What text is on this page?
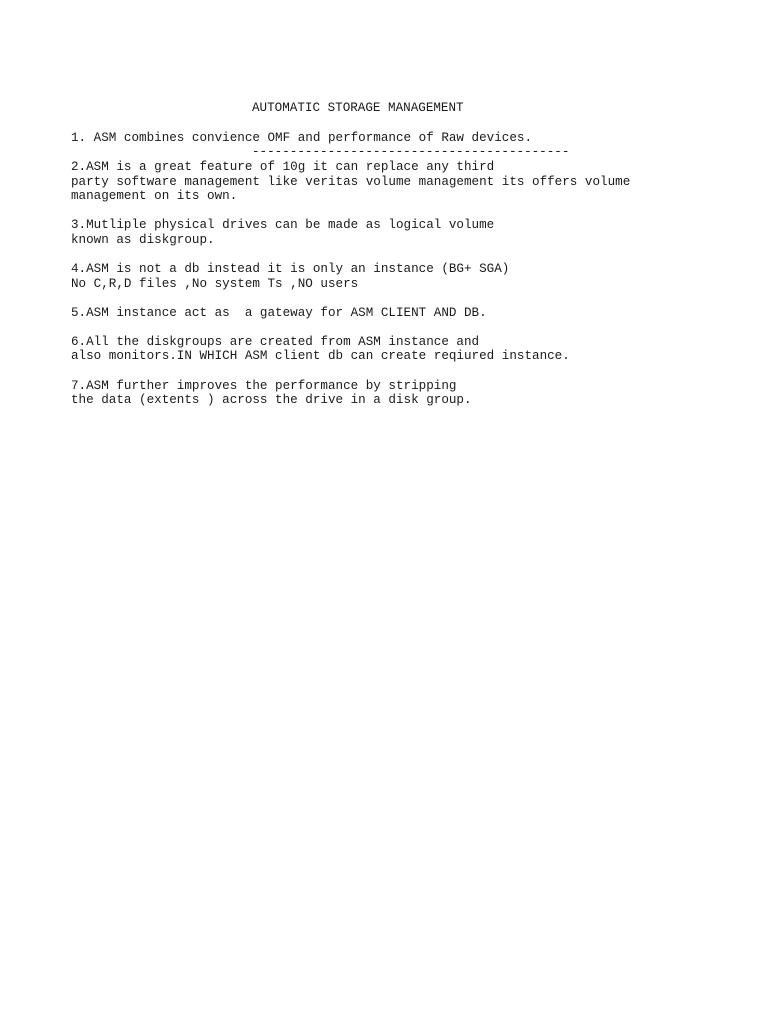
AUTOMATIC STORAGE MANAGEMENT

------------------------------------------

1. ASM combines convience OMF and performance of Raw devices.
2.ASM is a great feature of 10g it can replace any third
party software management like veritas volume management its offers volume
management on its own.
3.Mutliple physical drives can be made as logical volume
known as diskgroup.
4.ASM is not a db instead it is only an instance (BG+ SGA)
No C,R,D files ,No system Ts ,NO users
5.ASM instance act as  a gateway for ASM CLIENT AND DB.
6.All the diskgroups are created from ASM instance and
also monitors.IN WHICH ASM client db can create reqiured instance.
7.ASM further improves the performance by stripping
the data (extents ) across the drive in a disk group.
